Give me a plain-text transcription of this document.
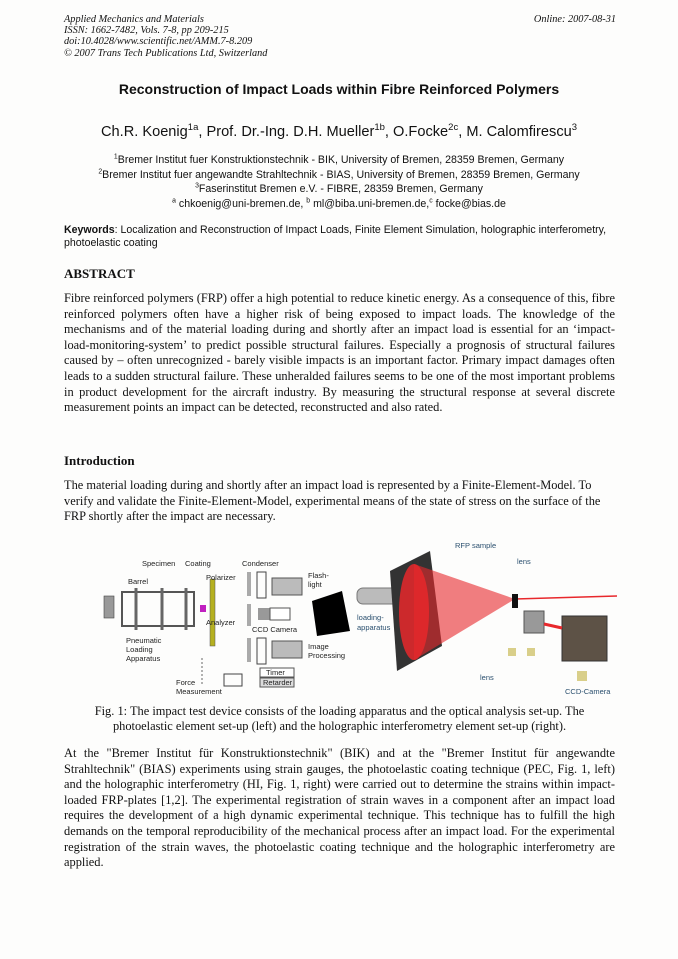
Applied Mechanics and Materials
ISSN: 1662-7482, Vols. 7-8, pp 209-215
doi:10.4028/www.scientific.net/AMM.7-8.209
© 2007 Trans Tech Publications Ltd, Switzerland
Online: 2007-08-31
Reconstruction of Impact Loads within Fibre Reinforced Polymers
Ch.R. Koenig$^{1a}$, Prof. Dr.-Ing. D.H. Mueller$^{1b}$, O.Focke$^{2c}$, M. Calomfirescu$^3$
$^1$Bremer Institut fuer Konstruktionstechnik - BIK, University of Bremen, 28359 Bremen, Germany
$^2$Bremer Institut fuer angewandte Strahltechnik - BIAS, University of Bremen, 28359 Bremen, Germany
$^3$Faserinstitut Bremen e.V. - FIBRE, 28359 Bremen, Germany
$^a$ chkoenig@uni-bremen.de, $^b$ ml@biba.uni-bremen.de,$^c$ focke@bias.de
Keywords: Localization and Reconstruction of Impact Loads, Finite Element Simulation, holographic interferometry, photoelastic coating
ABSTRACT

Fibre reinforced polymers (FRP) offer a high potential to reduce kinetic energy. As a consequence of this, fibre reinforced polymers often have a higher risk of being exposed to impact loads. The knowledge of the mechanisms and of the material loading during and shortly after an impact load is essential for an ‘impact-load-monitoring-system’ to predict possible structural failures. Especially a prognosis of structural failures caused by – often unrecognized - barely visible impacts is an important factor. Primary impact damages often leads to a sudden structural failure. These unheralded failures seems to be one of the most important problems in product development for the aircraft industry. By measuring the structural response at several discrete measurement points an impact can be detected, reconstructed and also rated.

Introduction

The material loading during and shortly after an impact load is represented by a Finite-Element-Model. To verify and validate the Finite-Element-Model, experimental means of the state of stress on the surface of the FRP shortly after the impact are necessary.

Specimen Coating	Condenser
Barrel	Polarizer	Flash-
light
Analyzer
CCD Camera
Pneumatic
Loading
Apparatus
Image
Processing
Timer
Retarder
Force
Measurement
RFP sample
lens
loading-
apparatus
lens
CCD-Camera
Fig. 1: The impact test device consists of the loading apparatus and the optical analysis set-up. The photoelastic element set-up (left) and the holographic interferometry element set-up (right).

At the "Bremer Institut für Konstruktionstechnik" (BIK) and at the "Bremer Institut für angewandte Strahltechnik" (BIAS) experiments using strain gauges, the photoelastic coating technique (PEC, Fig. 1, left) and the holographic interferometry (HI, Fig. 1, right) were carried out to determine the strains within impact-loaded FRP-plates [1,2]. The experimental registration of strain waves in a component after an impact load requires the development of a high dynamic experimental technique. This technique has to fulfill the high demands on the temporal reproducibility of the mechanical process after an impact load. For the experimental registration of the strain waves, the photoelastic coating technique and the holographic interferometry are applied.
